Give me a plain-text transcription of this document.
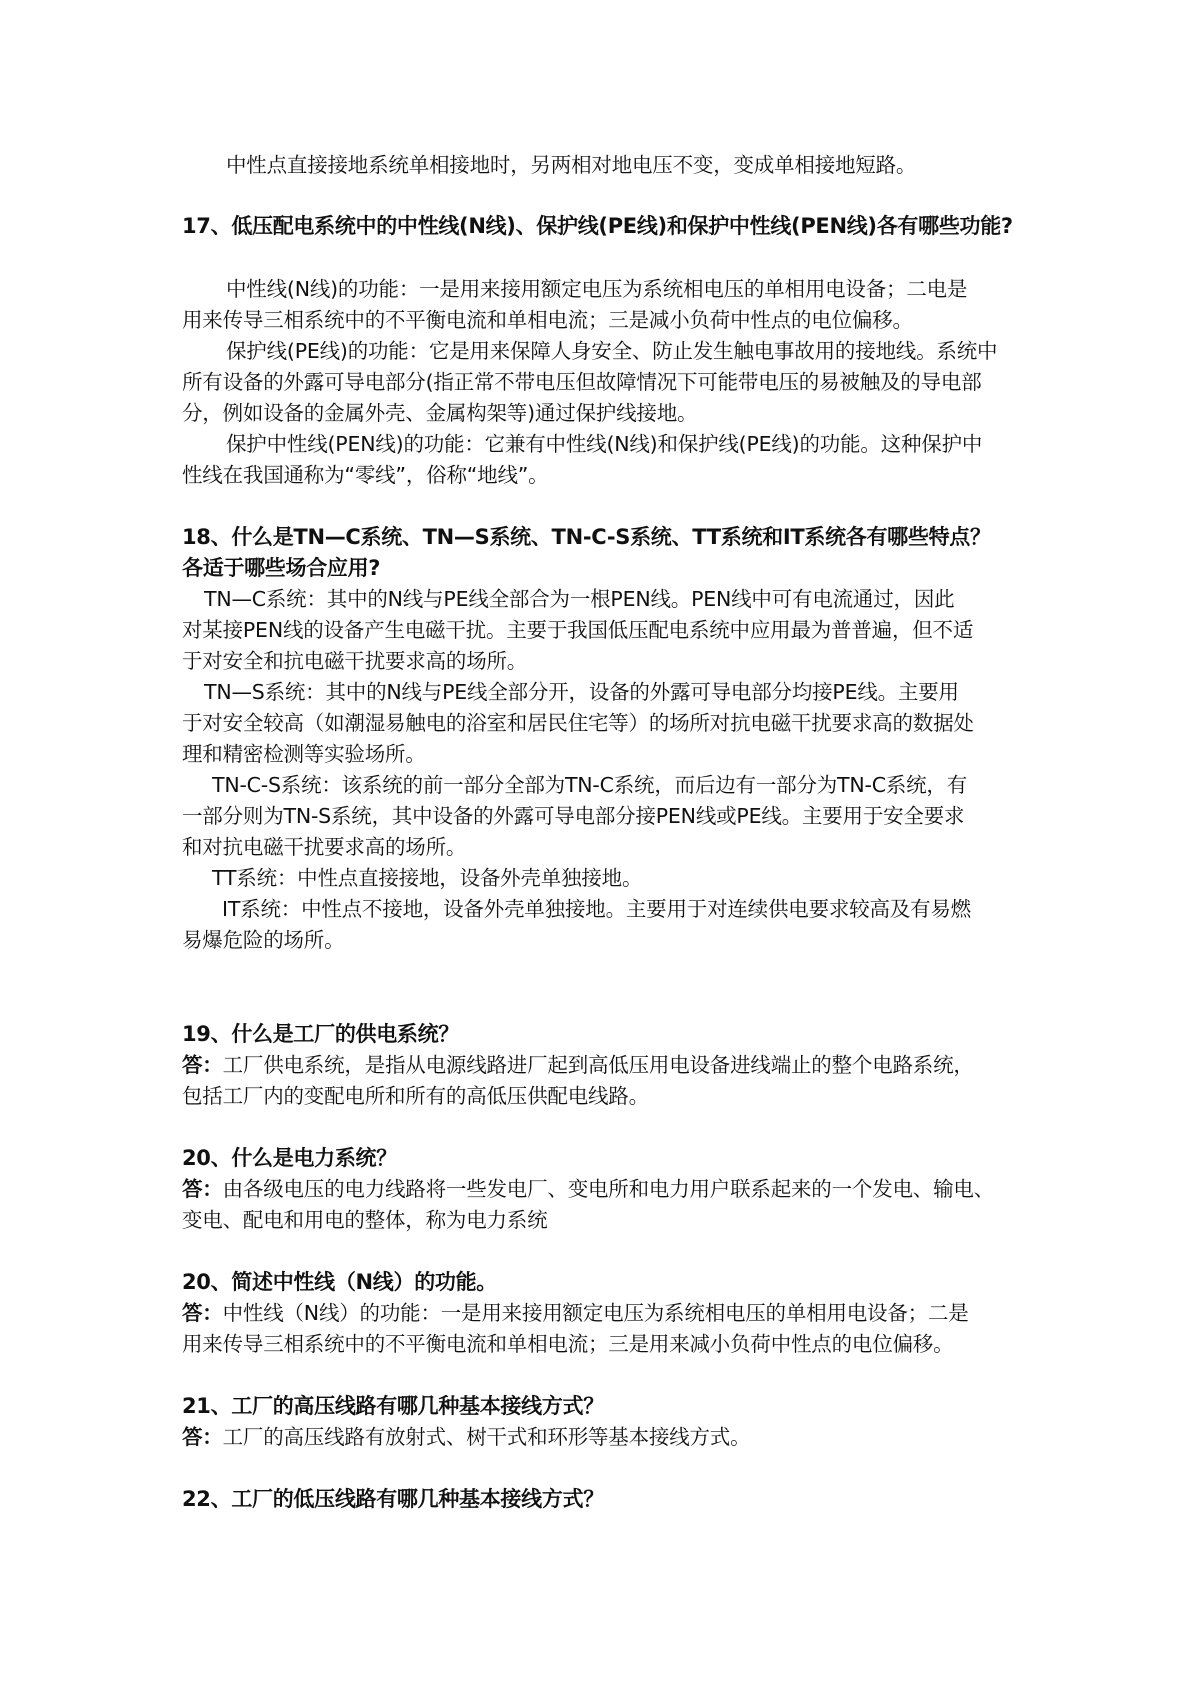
中性点直接接地系统单相接地时，另两相对地电压不变，变成单相接地短路。
17、低压配电系统中的中性线(N线)、保护线(PE线)和保护中性线(PEN线)各有哪些功能?
中性线(N线)的功能：一是用来接用额定电压为系统相电压的单相用电设备；二电是
用来传导三相系统中的不平衡电流和单相电流；三是减小负荷中性点的电位偏移。
保护线(PE线)的功能：它是用来保障人身安全、防止发生触电事故用的接地线。系统中
所有设备的外露可导电部分(指正常不带电压但故障情况下可能带电压的易被触及的导电部
分，例如设备的金属外壳、金属构架等)通过保护线接地。
保护中性线(PEN线)的功能：它兼有中性线(N线)和保护线(PE线)的功能。这种保护中
性线在我国通称为“零线”，俗称“地线”。
18、什么是TN—C系统、TN—S系统、TN-C-S系统、TT系统和IT系统各有哪些特点？
各适于哪些场合应用?
TN—C系统：其中的N线与PE线全部合为一根PEN线。PEN线中可有电流通过，因此
对某接PEN线的设备产生电磁干扰。主要于我国低压配电系统中应用最为普普遍，但不适
于对安全和抗电磁干扰要求高的场所。
TN—S系统：其中的N线与PE线全部分开，设备的外露可导电部分均接PE线。主要用
于对安全较高（如潮湿易触电的浴室和居民住宅等）的场所对抗电磁干扰要求高的数据处
理和精密检测等实验场所。
TN-C-S系统：该系统的前一部分全部为TN-C系统，而后边有一部分为TN-C系统，有
一部分则为TN-S系统，其中设备的外露可导电部分接PEN线或PE线。主要用于安全要求
和对抗电磁干扰要求高的场所。
TT系统：中性点直接接地，设备外壳单独接地。
IT系统：中性点不接地，设备外壳单独接地。主要用于对连续供电要求较高及有易燃
易爆危险的场所。
19、什么是工厂的供电系统？
答：工厂供电系统，是指从电源线路进厂起到高低压用电设备进线端止的整个电路系统，
包括工厂内的变配电所和所有的高低压供配电线路。
20、什么是电力系统？
答：由各级电压的电力线路将一些发电厂、变电所和电力用户联系起来的一个发电、输电、
变电、配电和用电的整体，称为电力系统
20、简述中性线（N线）的功能。
答：中性线（N线）的功能：一是用来接用额定电压为系统相电压的单相用电设备；二是
用来传导三相系统中的不平衡电流和单相电流；三是用来减小负荷中性点的电位偏移。
21、工厂的高压线路有哪几种基本接线方式？
答：工厂的高压线路有放射式、树干式和环形等基本接线方式。
22、工厂的低压线路有哪几种基本接线方式？
